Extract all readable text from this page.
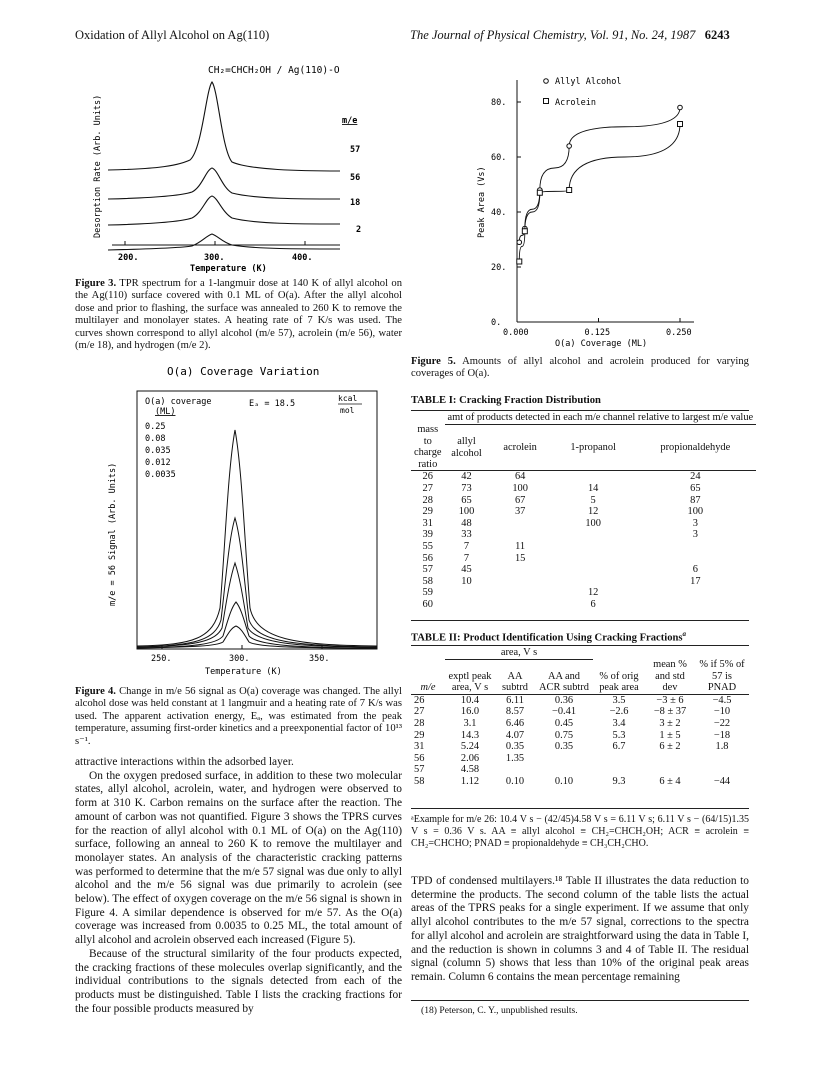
Oxidation of Allyl Alcohol on Ag(110)	The Journal of Physical Chemistry, Vol. 91, No. 24, 1987 6243
CH₂=CHCH₂OH / Ag(110)-O
Desorption Rate (Arb. Units)
200.	300.	400.
Temperature (K)
m/e
57
56
18
2
Figure 3. TPR spectrum for a 1-langmuir dose at 140 K of allyl alcohol on the Ag(110) surface covered with 0.1 ML of O(a). After the allyl alcohol dose and prior to flashing, the surface was annealed to 260 K to remove the multilayer and monolayer states. A heating rate of 7 K/s was used. The curves shown correspond to allyl alcohol (m/e 57), acrolein (m/e 56), water (m/e 18), and hydrogen (m/e 2).
O(a) Coverage Variation
m/e = 56 Signal (Arb. Units)
O(a) coverage
(ML)
Eₐ = 18.5
kcal
mol
0.25
0.08
0.035
0.012
0.0035
250.	300.	350.
Temperature (K)
Figure 4. Change in m/e 56 signal as O(a) coverage was changed. The allyl alcohol dose was held constant at 1 langmuir and a heating rate of 7 K/s was used. The apparent activation energy, Eₐ, was estimated from the peak temperature, assuming first-order kinetics and a preexponential factor of 10¹³ s⁻¹.

attractive interactions within the adsorbed layer.

On the oxygen predosed surface, in addition to these two molecular states, allyl alcohol, acrolein, water, and hydrogen were observed to form at 310 K. Carbon remains on the surface after the reaction. The amount of carbon was not quantified. Figure 3 shows the TPRS curves for the reaction of allyl alcohol with 0.1 ML of O(a) on the Ag(110) surface, following an anneal to 260 K to remove the multilayer and monolayer states. An analysis of the characteristic cracking patterns was performed to determine that the m/e 57 signal was due only to allyl alcohol and the m/e 56 signal was due primarily to acrolein (see below). The effect of oxygen coverage on the m/e 56 signal is shown in Figure 4. A similar dependence is observed for m/e 57. As the O(a) coverage was increased from 0.0035 to 0.25 ML, the total amount of allyl alcohol and acrolein observed each increased (Figure 5).

Because of the structural similarity of the four products expected, the cracking fractions of these molecules overlap significantly, and the individual contributions to the signals detected from each of the products must be distinguished. Table I lists the cracking fractions for the four possible products measured by

80.
60.
40.
20.
0.
0.000	0.125	0.250
Peak Area (Vs)
O(a) Coverage (ML)
Allyl Alcohol
Acrolein
Figure 5. Amounts of allyl alcohol and acrolein produced for varying coverages of O(a).
TABLE I: Cracking Fraction Distribution
	amt of products detected in each m/e channel relative to largest m/e value			
mass to charge ratio	allyl alcohol	acrolein	1-propanol	propionaldehyde
26	42	64		24
27	73	100	14	65
28	65	67	5	87
29	100	37	12	100
31	48		100	3
39	33			3
55	7	11		
56	7	15		
57	45			6
58	10			17
59			12	
60			6	
TABLE II: Product Identification Using Cracking Fractions$^a$
	area, V s					
m/e	exptl peak area, V s	AA subtrd	AA and ACR subtrd	% of orig peak area	mean % and std dev	% if 5% of 57 is PNAD
26	10.4	6.11	0.36	3.5	−3 ± 6	−4.5
27	16.0	8.57	−0.41	−2.6	−8 ± 37	−10
28	3.1	6.46	0.45	3.4	3 ± 2	−22
29	14.3	4.07	0.75	5.3	1 ± 5	−18
31	5.24	0.35	0.35	6.7	6 ± 2	1.8
56	2.06	1.35				
57	4.58					
58	1.12	0.10	0.10	9.3	6 ± 4	−44
ᵃExample for m/e 26: 10.4 V s − (42/45)4.58 V s = 6.11 V s; 6.11 V s − (64/15)1.35 V s = 0.36 V s. AA ≡ allyl alcohol ≡ CH₂=CHCH₂OH; ACR ≡ acrolein ≡ CH₂=CHCHO; PNAD ≡ propionaldehyde ≡ CH₃CH₂CHO.

TPD of condensed multilayers.¹⁸ Table II illustrates the data reduction to determine the products. The second column of the table lists the actual areas of the TPRS peaks for a single experiment. If we assume that only allyl alcohol contributes to the m/e 57 signal, corrections to the spectra for allyl alcohol and acrolein are straightforward using the data in Table I, and the reduction is shown in columns 3 and 4 of Table II. The residual signal (column 5) shows that less than 10% of the original peak areas remain. Column 6 contains the mean percentage remaining

(18) Peterson, C. Y., unpublished results.
